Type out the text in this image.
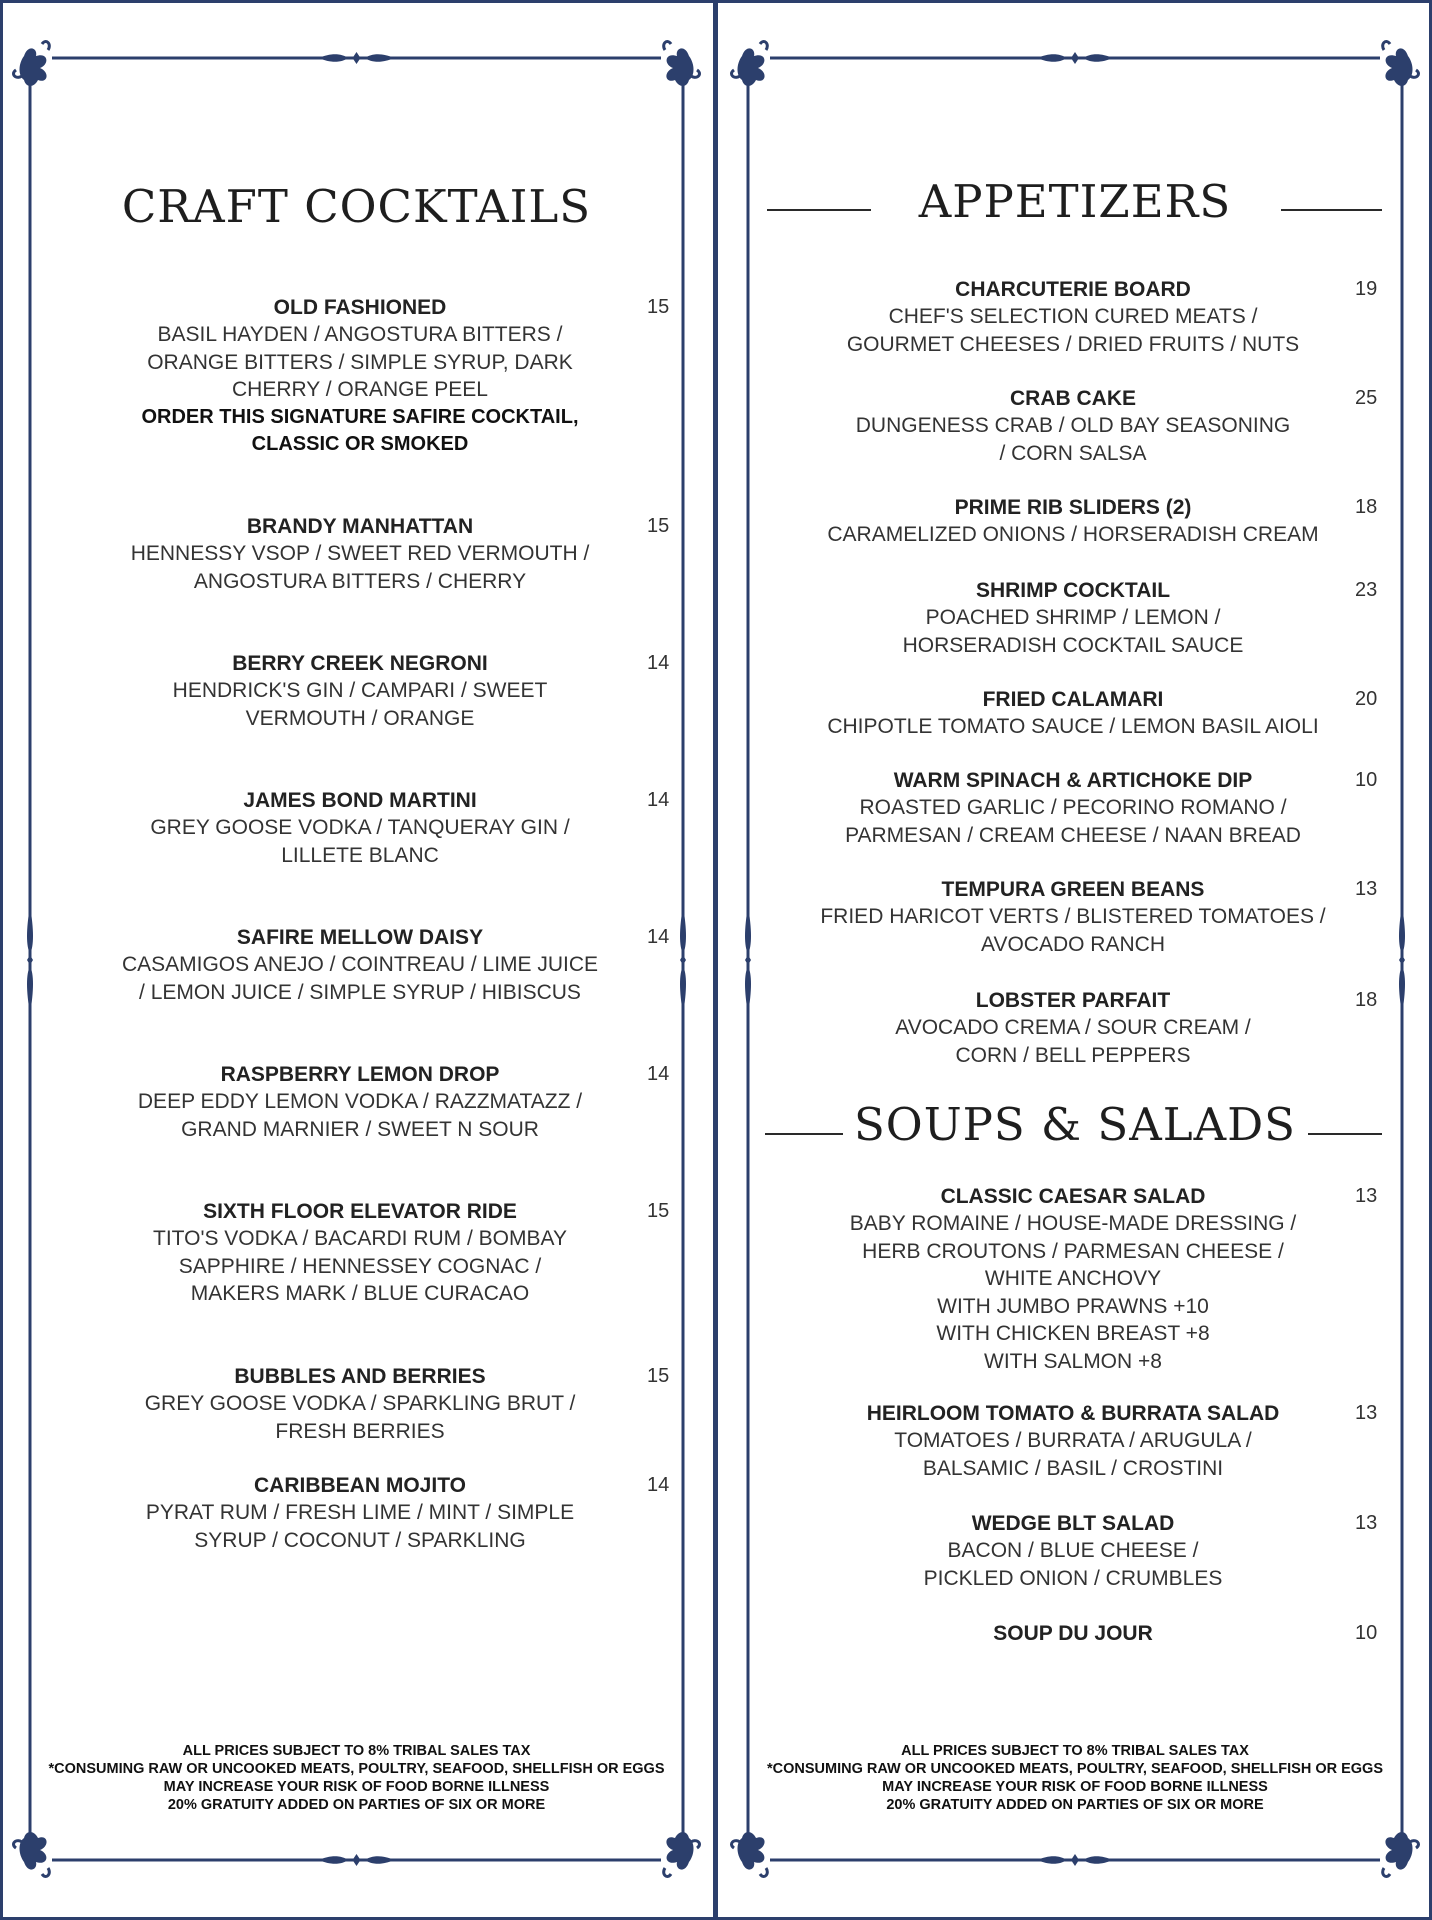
CRAFT COCKTAILS
OLD FASHIONED
BASIL HAYDEN / ANGOSTURA BITTERS /
ORANGE BITTERS / SIMPLE SYRUP, DARK
CHERRY / ORANGE PEEL
ORDER THIS SIGNATURE SAFIRE COCKTAIL,
CLASSIC OR SMOKED
15
BRANDY MANHATTAN
HENNESSY VSOP / SWEET RED VERMOUTH /
ANGOSTURA BITTERS / CHERRY
15
BERRY CREEK NEGRONI
HENDRICK'S GIN / CAMPARI / SWEET
VERMOUTH / ORANGE
14
JAMES BOND MARTINI
GREY GOOSE VODKA / TANQUERAY GIN /
LILLETE BLANC
14
SAFIRE MELLOW DAISY
CASAMIGOS ANEJO / COINTREAU / LIME JUICE
/ LEMON JUICE / SIMPLE SYRUP / HIBISCUS
14
RASPBERRY LEMON DROP
DEEP EDDY LEMON VODKA / RAZZMATAZZ /
GRAND MARNIER / SWEET N SOUR
14
SIXTH FLOOR ELEVATOR RIDE
TITO'S VODKA / BACARDI RUM / BOMBAY
SAPPHIRE / HENNESSEY COGNAC /
MAKERS MARK / BLUE CURACAO
15
BUBBLES AND BERRIES
GREY GOOSE VODKA / SPARKLING BRUT /
FRESH BERRIES
15
CARIBBEAN MOJITO
PYRAT RUM / FRESH LIME / MINT / SIMPLE
SYRUP / COCONUT / SPARKLING
14
ALL PRICES SUBJECT TO 8% TRIBAL SALES TAX
*CONSUMING RAW OR UNCOOKED MEATS, POULTRY, SEAFOOD, SHELLFISH OR EGGS
MAY INCREASE YOUR RISK OF FOOD BORNE ILLNESS
20% GRATUITY ADDED ON PARTIES OF SIX OR MORE
APPETIZERS
CHARCUTERIE BOARD
CHEF'S SELECTION CURED MEATS /
GOURMET CHEESES / DRIED FRUITS / NUTS
19
CRAB CAKE
DUNGENESS CRAB / OLD BAY SEASONING
/ CORN SALSA
25
PRIME RIB SLIDERS (2)
CARAMELIZED ONIONS / HORSERADISH CREAM
18
SHRIMP COCKTAIL
POACHED SHRIMP / LEMON /
HORSERADISH COCKTAIL SAUCE
23
FRIED CALAMARI
CHIPOTLE TOMATO SAUCE / LEMON BASIL AIOLI
20
WARM SPINACH & ARTICHOKE DIP
ROASTED GARLIC / PECORINO ROMANO /
PARMESAN / CREAM CHEESE / NAAN BREAD
10
TEMPURA GREEN BEANS
FRIED HARICOT VERTS / BLISTERED TOMATOES /
AVOCADO RANCH
13
LOBSTER PARFAIT
AVOCADO CREMA / SOUR CREAM /
CORN / BELL PEPPERS
18
SOUPS & SALADS
CLASSIC CAESAR SALAD
BABY ROMAINE / HOUSE-MADE DRESSING /
HERB CROUTONS / PARMESAN CHEESE /
WHITE ANCHOVY
WITH JUMBO PRAWNS +10
WITH CHICKEN BREAST +8
WITH SALMON +8
13
HEIRLOOM TOMATO & BURRATA SALAD
TOMATOES / BURRATA / ARUGULA /
BALSAMIC / BASIL / CROSTINI
13
WEDGE BLT SALAD
BACON / BLUE CHEESE /
PICKLED ONION / CRUMBLES
13
SOUP DU JOUR	10
ALL PRICES SUBJECT TO 8% TRIBAL SALES TAX
*CONSUMING RAW OR UNCOOKED MEATS, POULTRY, SEAFOOD, SHELLFISH OR EGGS
MAY INCREASE YOUR RISK OF FOOD BORNE ILLNESS
20% GRATUITY ADDED ON PARTIES OF SIX OR MORE
